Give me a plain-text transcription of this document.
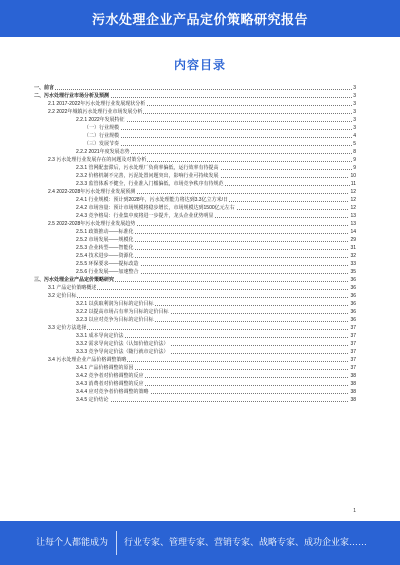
污水处理企业产品定价策略研究报告
内容目录
一、前言	3
二、污水处理行业市场分析及预测	3
2.1 2017-2022年污水处理行业发展现状分析	3
2.2 2022年城镇污水处理行业市场发展分析	3
2.2.1 2022年发展特征	3
（一）行业规模	3
（二）行业规模	4
（三）发展节奏	5
2.2.2 2021年度发展态势	8
2.3 污水处理行业发展存在的问题及对策分析	9
2.3.1 管网配套滞后，污水处理厂负荷率偏低，运行效率有待提高	9
2.3.2 价格机制不完善，污泥处置问题突出，影响行业可持续发展	10
2.3.3 监管体系不健全，行业准入门槛偏低，市场竞争秩序有待规范	11
2.4 2022-2028年污水处理行业发展预测	12
2.4.1 行业规模：预计到2028年，污水处理能力将达到3.3亿立方米/日	12
2.4.2 市场容量：预计市场规模将稳步增长，市场规模达到1500亿元左右	12
2.4.3 竞争格局：行业集中度将进一步提升，龙头企业优势明显	13
2.5 2022-2028年污水处理行业发展趋势	13
2.5.1 政策推动——标准化	14
2.5.2 市场发展——规模化	29
2.5.3 企业转型——智能化	31
2.5.4 技术进步——资源化	32
2.5.5 环保要求——提标改造	33
2.5.6 行业发展——加速整合	35
三、污水处理企业产品定价策略研究	36
3.1 产品定价策略概述	36
3.2 定价目标	36
3.2.1 以获取利润为目标的定价目标	36
3.2.2 以提高市场占有率为目标的定价目标	36
3.2.3 以应对竞争为目标的定价目标	36
3.3 定价方法选择	37
3.3.1 成本导向定价法	37
3.3.2 需求导向定价法（认知价值定价法）	37
3.3.3 竞争导向定价法（随行就市定价法）	37
3.4 污水处理企业产品价格调整策略	37
3.4.1 产品价格调整的原因	37
3.4.2 竞争者对价格调整的反应	38
3.4.3 消费者对价格调整的反应	38
3.4.4 应对竞争者价格调整的策略	38
3.4.5 定价结论	38
1
让每个人都能成为 行业专家、管理专家、营销专家、战略专家、成功企业家……
